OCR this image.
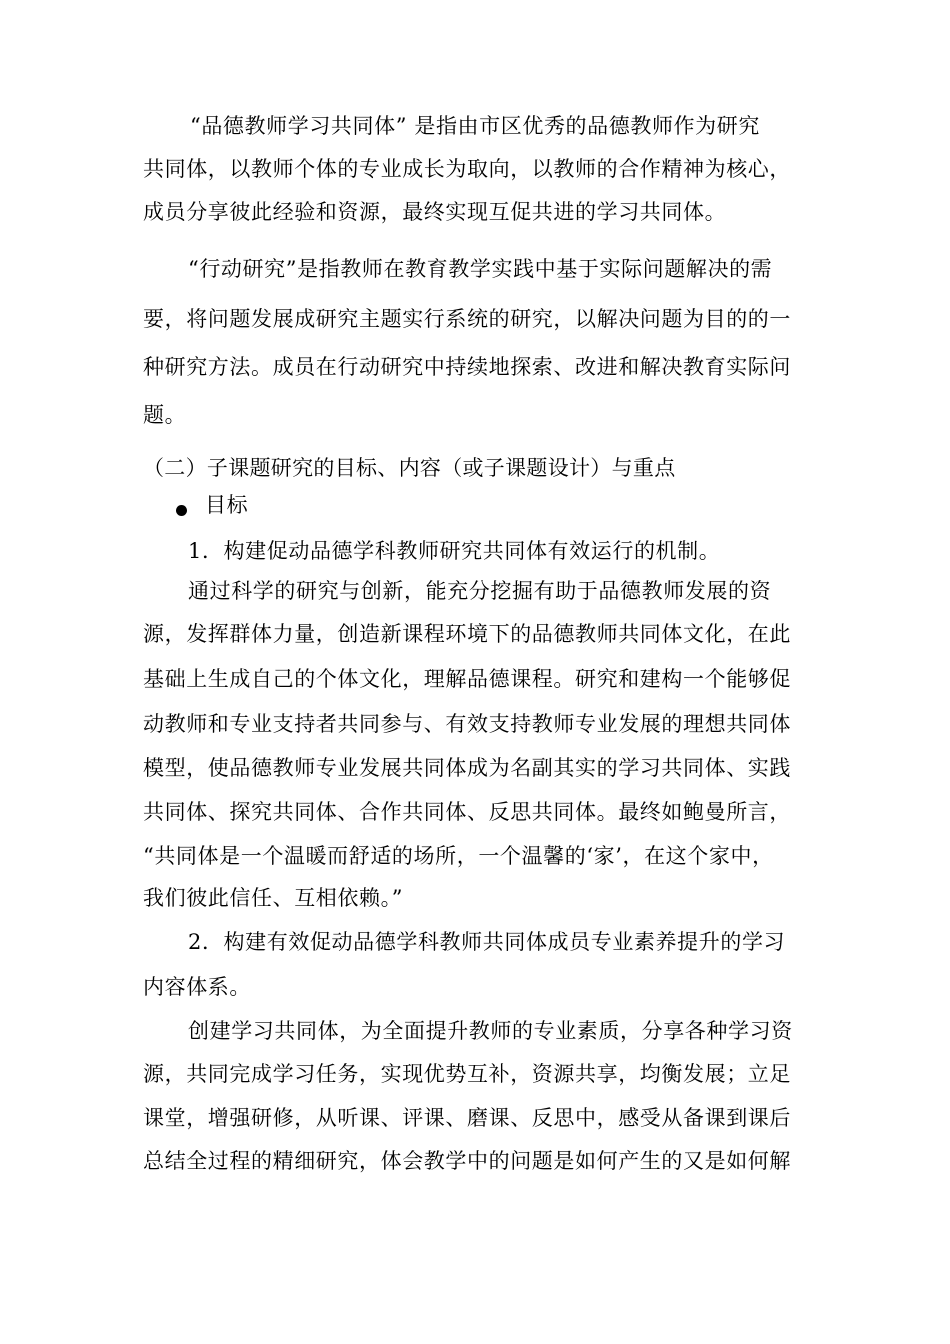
“品德教师学习共同体” 是指由市区优秀的品德教师作为研究
共同体，以教师个体的专业成长为取向，以教师的合作精神为核心，
成员分享彼此经验和资源，最终实现互促共进的学习共同体。
“行动研究”是指教师在教育教学实践中基于实际问题解决的需
要，将问题发展成研究主题实行系统的研究，以解决问题为目的的一
种研究方法。成员在行动研究中持续地探索、改进和解决教育实际问
题。
（二）子课题研究的目标、内容（或子课题设计）与重点
目标
1．构建促动品德学科教师研究共同体有效运行的机制。
通过科学的研究与创新，能充分挖掘有助于品德教师发展的资
源，发挥群体力量，创造新课程环境下的品德教师共同体文化，在此
基础上生成自己的个体文化，理解品德课程。研究和建构一个能够促
动教师和专业支持者共同参与、有效支持教师专业发展的理想共同体
模型，使品德教师专业发展共同体成为名副其实的学习共同体、实践
共同体、探究共同体、合作共同体、反思共同体。最终如鲍曼所言，
“共同体是一个温暖而舒适的场所，一个温馨的‘家’，在这个家中，
我们彼此信任、互相依赖。”
2．构建有效促动品德学科教师共同体成员专业素养提升的学习
内容体系。
创建学习共同体，为全面提升教师的专业素质，分享各种学习资
源，共同完成学习任务，实现优势互补，资源共享，均衡发展；立足
课堂，增强研修，从听课、评课、磨课、反思中，感受从备课到课后
总结全过程的精细研究，体会教学中的问题是如何产生的又是如何解
